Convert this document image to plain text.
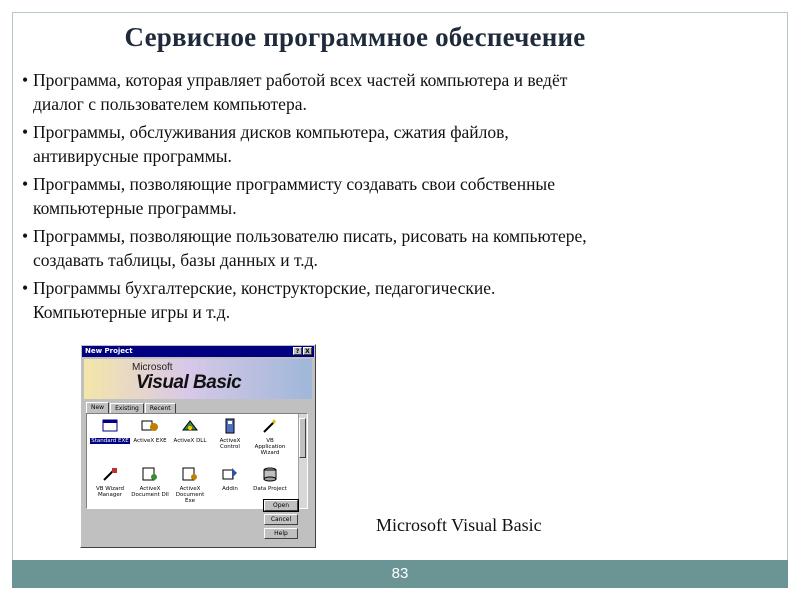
Сервисное программное обеспечение
• Программа, которая управляет работой всех частей компьютера и ведёт
диалог с пользователем компьютера.
• Программы, обслуживания дисков компьютера, сжатия файлов,
антивирусные программы.
• Программы, позволяющие программисту создавать свои собственные
компьютерные программы.
• Программы, позволяющие пользователю писать, рисовать на компьютере,
создавать таблицы, базы данных и т.д.
• Программы бухгалтерские, конструкторские, педагогические.
Компьютерные игры и т.д.
New Project	? X
Microsoft
Visual Basic
New	Existing	Recent
Standard EXE ActiveX EXE ActiveX DLL	ActiveX Control
VB Application Wizard
VB Wizard Manager
ActiveX Document Dll
ActiveX Document Exe
Addin	Data Project
Open
Cancel
Help	Microsoft Visual Basic
83
